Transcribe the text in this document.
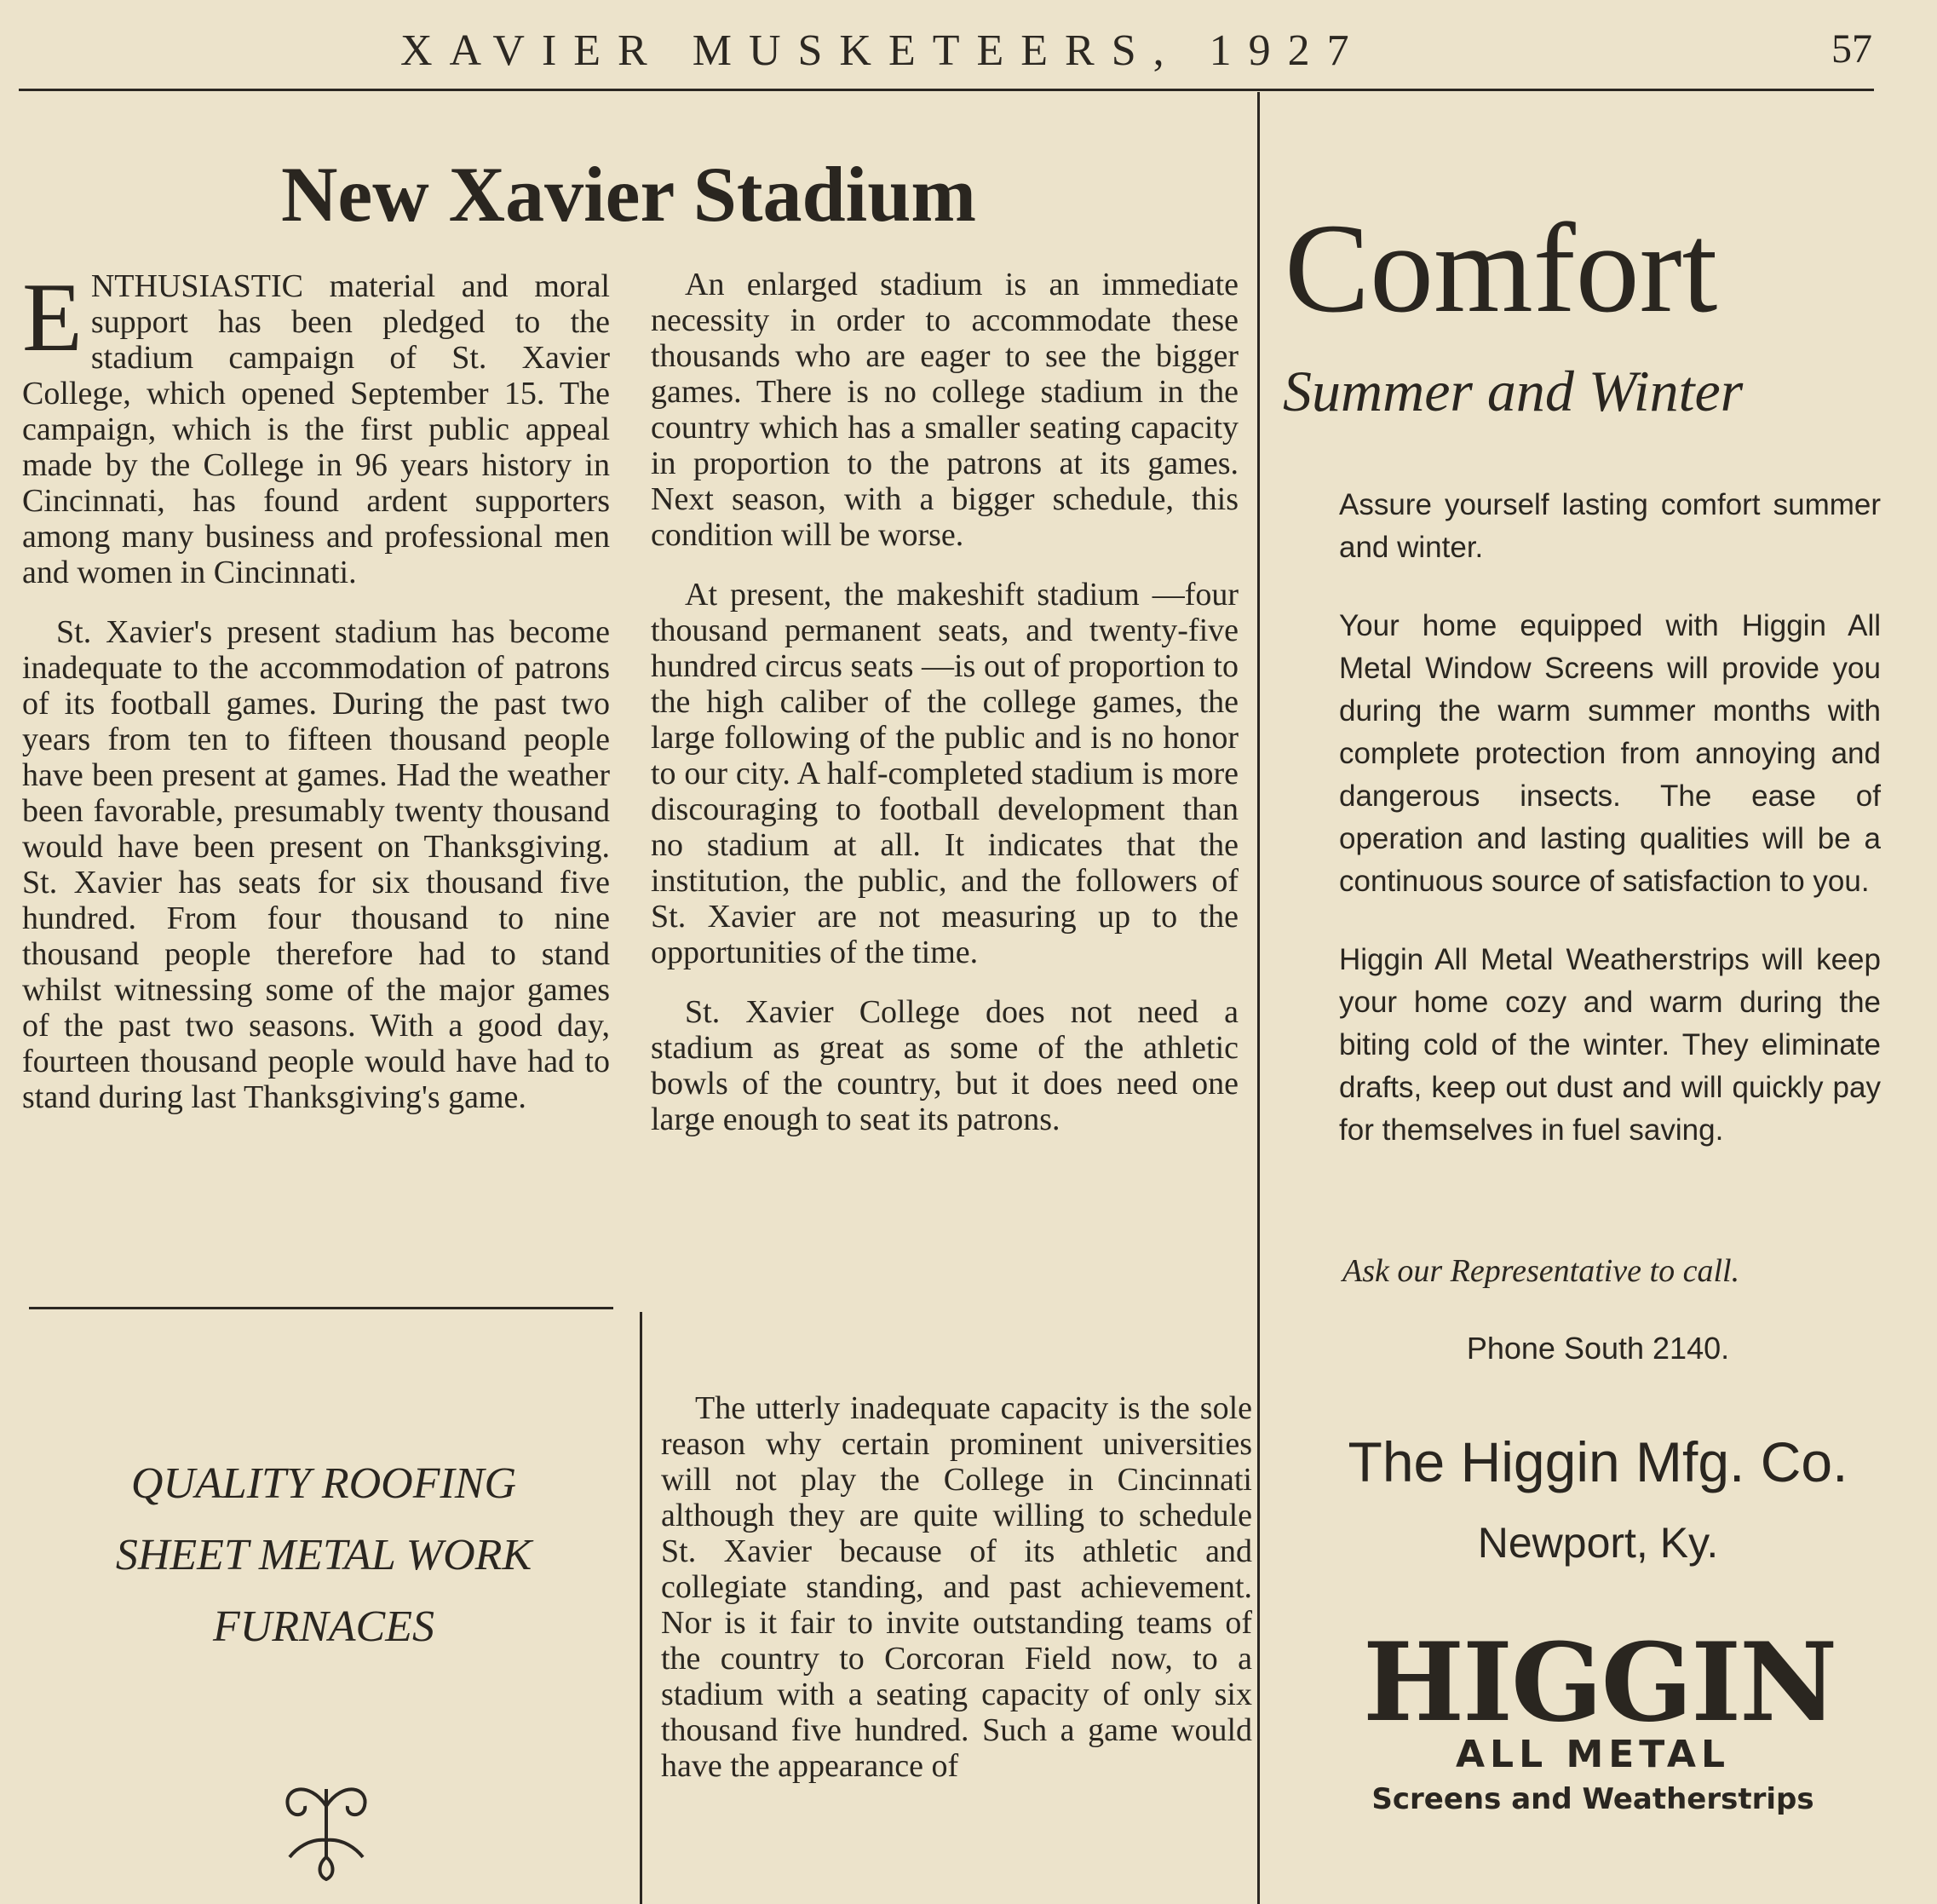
XAVIER MUSKETEERS, 1927	57
New Xavier Stadium

ENTHUSIASTIC material and moral support has been pledged to the stadium campaign of St. Xavier College, which opened September 15. The campaign, which is the first public appeal made by the College in 96 years history in Cincinnati, has found ardent supporters among many business and professional men and women in Cincinnati.

St. Xavier's present stadium has become inadequate to the accommodation of patrons of its football games. During the past two years from ten to fifteen thousand people have been present at games. Had the weather been favorable, presumably twenty thousand would have been present on Thanksgiving. St. Xavier has seats for six thousand five hundred. From four thousand to nine thousand people therefore had to stand whilst witnessing some of the major games of the past two seasons. With a good day, fourteen thousand people would have had to stand during last Thanksgiving's game.

An enlarged stadium is an immediate necessity in order to accommodate these thousands who are eager to see the bigger games. There is no college stadium in the country which has a smaller seating capacity in proportion to the patrons at its games. Next season, with a bigger schedule, this condition will be worse.

At present, the makeshift stadium —four thousand permanent seats, and twenty-five hundred circus seats —is out of proportion to the high caliber of the college games, the large following of the public and is no honor to our city. A half-completed stadium is more discouraging to football development than no stadium at all. It indicates that the institution, the public, and the followers of St. Xavier are not measuring up to the opportunities of the time.

St. Xavier College does not need a stadium as great as some of the athletic bowls of the country, but it does need one large enough to seat its patrons.

The utterly inadequate capacity is the sole reason why certain prominent universities will not play the College in Cincinnati although they are quite willing to schedule St. Xavier because of its athletic and collegiate standing, and past achievement. Nor is it fair to invite outstanding teams of the country to Corcoran Field now, to a stadium with a seating capacity of only six thousand five hundred. Such a game would have the appearance of

QUALITY ROOFING
SHEET METAL WORK
FURNACES
Comfort
Summer and Winter

Assure yourself lasting comfort summer and winter.

Your home equipped with Higgin All Metal Window Screens will provide you during the warm summer months with complete protection from annoying and dangerous insects. The ease of operation and lasting qualities will be a continuous source of satisfaction to you.

Higgin All Metal Weatherstrips will keep your home cozy and warm during the biting cold of the winter. They eliminate drafts, keep out dust and will quickly pay for themselves in fuel saving.

Ask our Representative to call.
Phone South 2140.
The Higgin Mfg. Co.
Newport, Ky.
HIGGIN
ALL METAL
Screens and Weatherstrips
